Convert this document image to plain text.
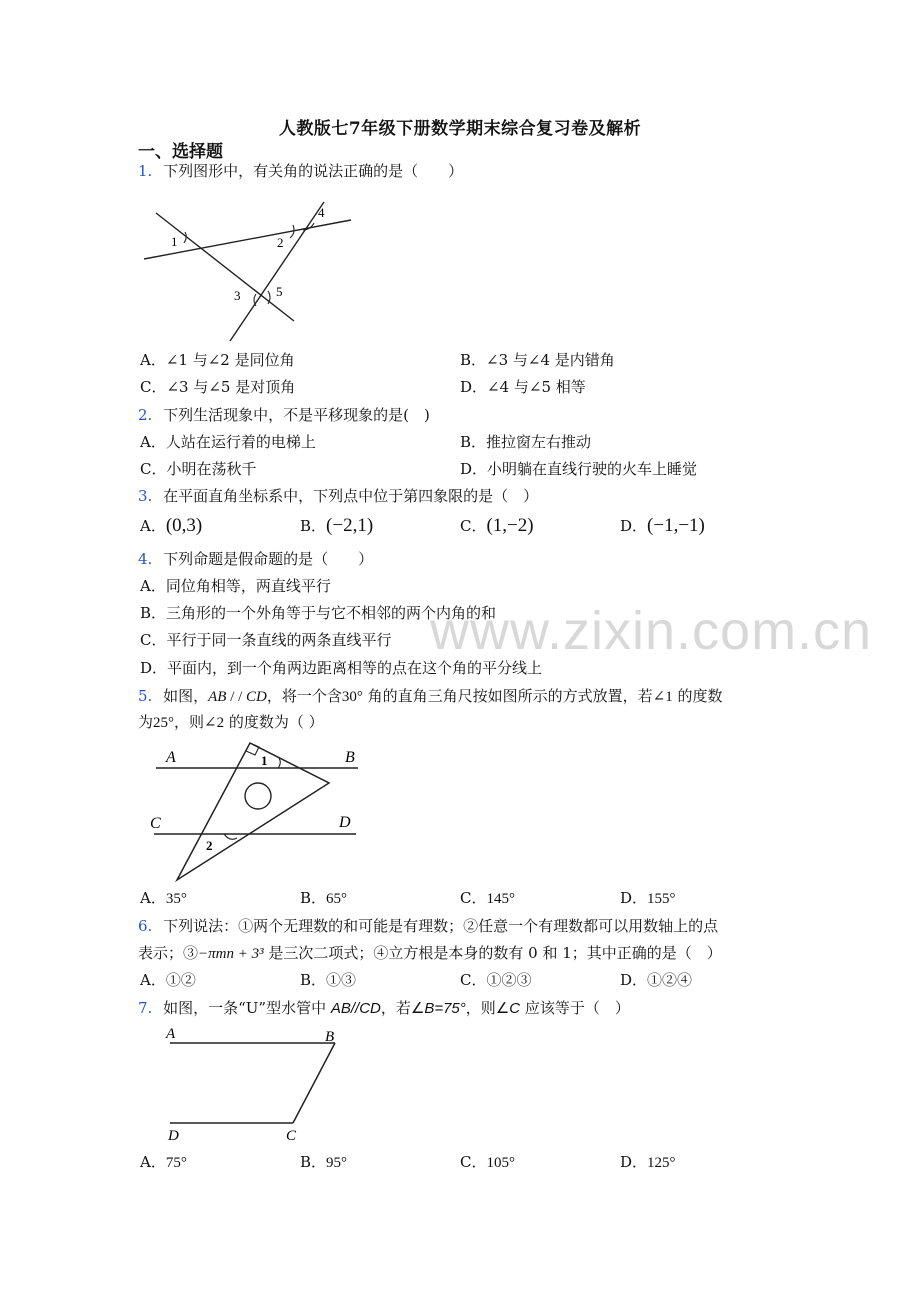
人教版七7年级下册数学期末综合复习卷及解析
一、选择题
www.zixin.com.cn
1. 下列图形中，有关角的说法正确的是（　　）
1	2
3
4
5
A．∠1 与∠2 是同位角	B．∠3 与∠4 是内错角
C．∠3 与∠5 是对顶角	D．∠4 与∠5 相等
2. 下列生活现象中，不是平移现象的是(　)
A．人站在运行着的电梯上	B．推拉窗左右推动
C．小明在荡秋千	D．小明躺在直线行驶的火车上睡觉
3. 在平面直角坐标系中，下列点中位于第四象限的是（　）
A．(0,3)	B．(−2,1)	C．(1,−2)	D．(−1,−1)
4. 下列命题是假命题的是（　　）
A．同位角相等，两直线平行
B．三角形的一个外角等于与它不相邻的两个内角的和
C．平行于同一条直线的两条直线平行
D．平面内，到一个角两边距离相等的点在这个角的平分线上
5. 如图，AB / / CD，将一个含30° 角的直角三角尺按如图所示的方式放置，若∠1 的度数
为25°，则∠2 的度数为（ ）
A	B
C	D
1
2
A．35°	B．65°	C．145°	D．155°
6. 下列说法：①两个无理数的和可能是有理数；②任意一个有理数都可以用数轴上的点
表示；③−πmn + 3³ 是三次二项式；④立方根是本身的数有 0 和 1；其中正确的是（　）
A．①②	B．①③	C．①②③	D．①②④
7. 如图，一条“U”型水管中 AB//CD，若∠B=75°，则∠C 应该等于（　）
A	B
D	C
A．75°	B．95°	C．105°	D．125°
